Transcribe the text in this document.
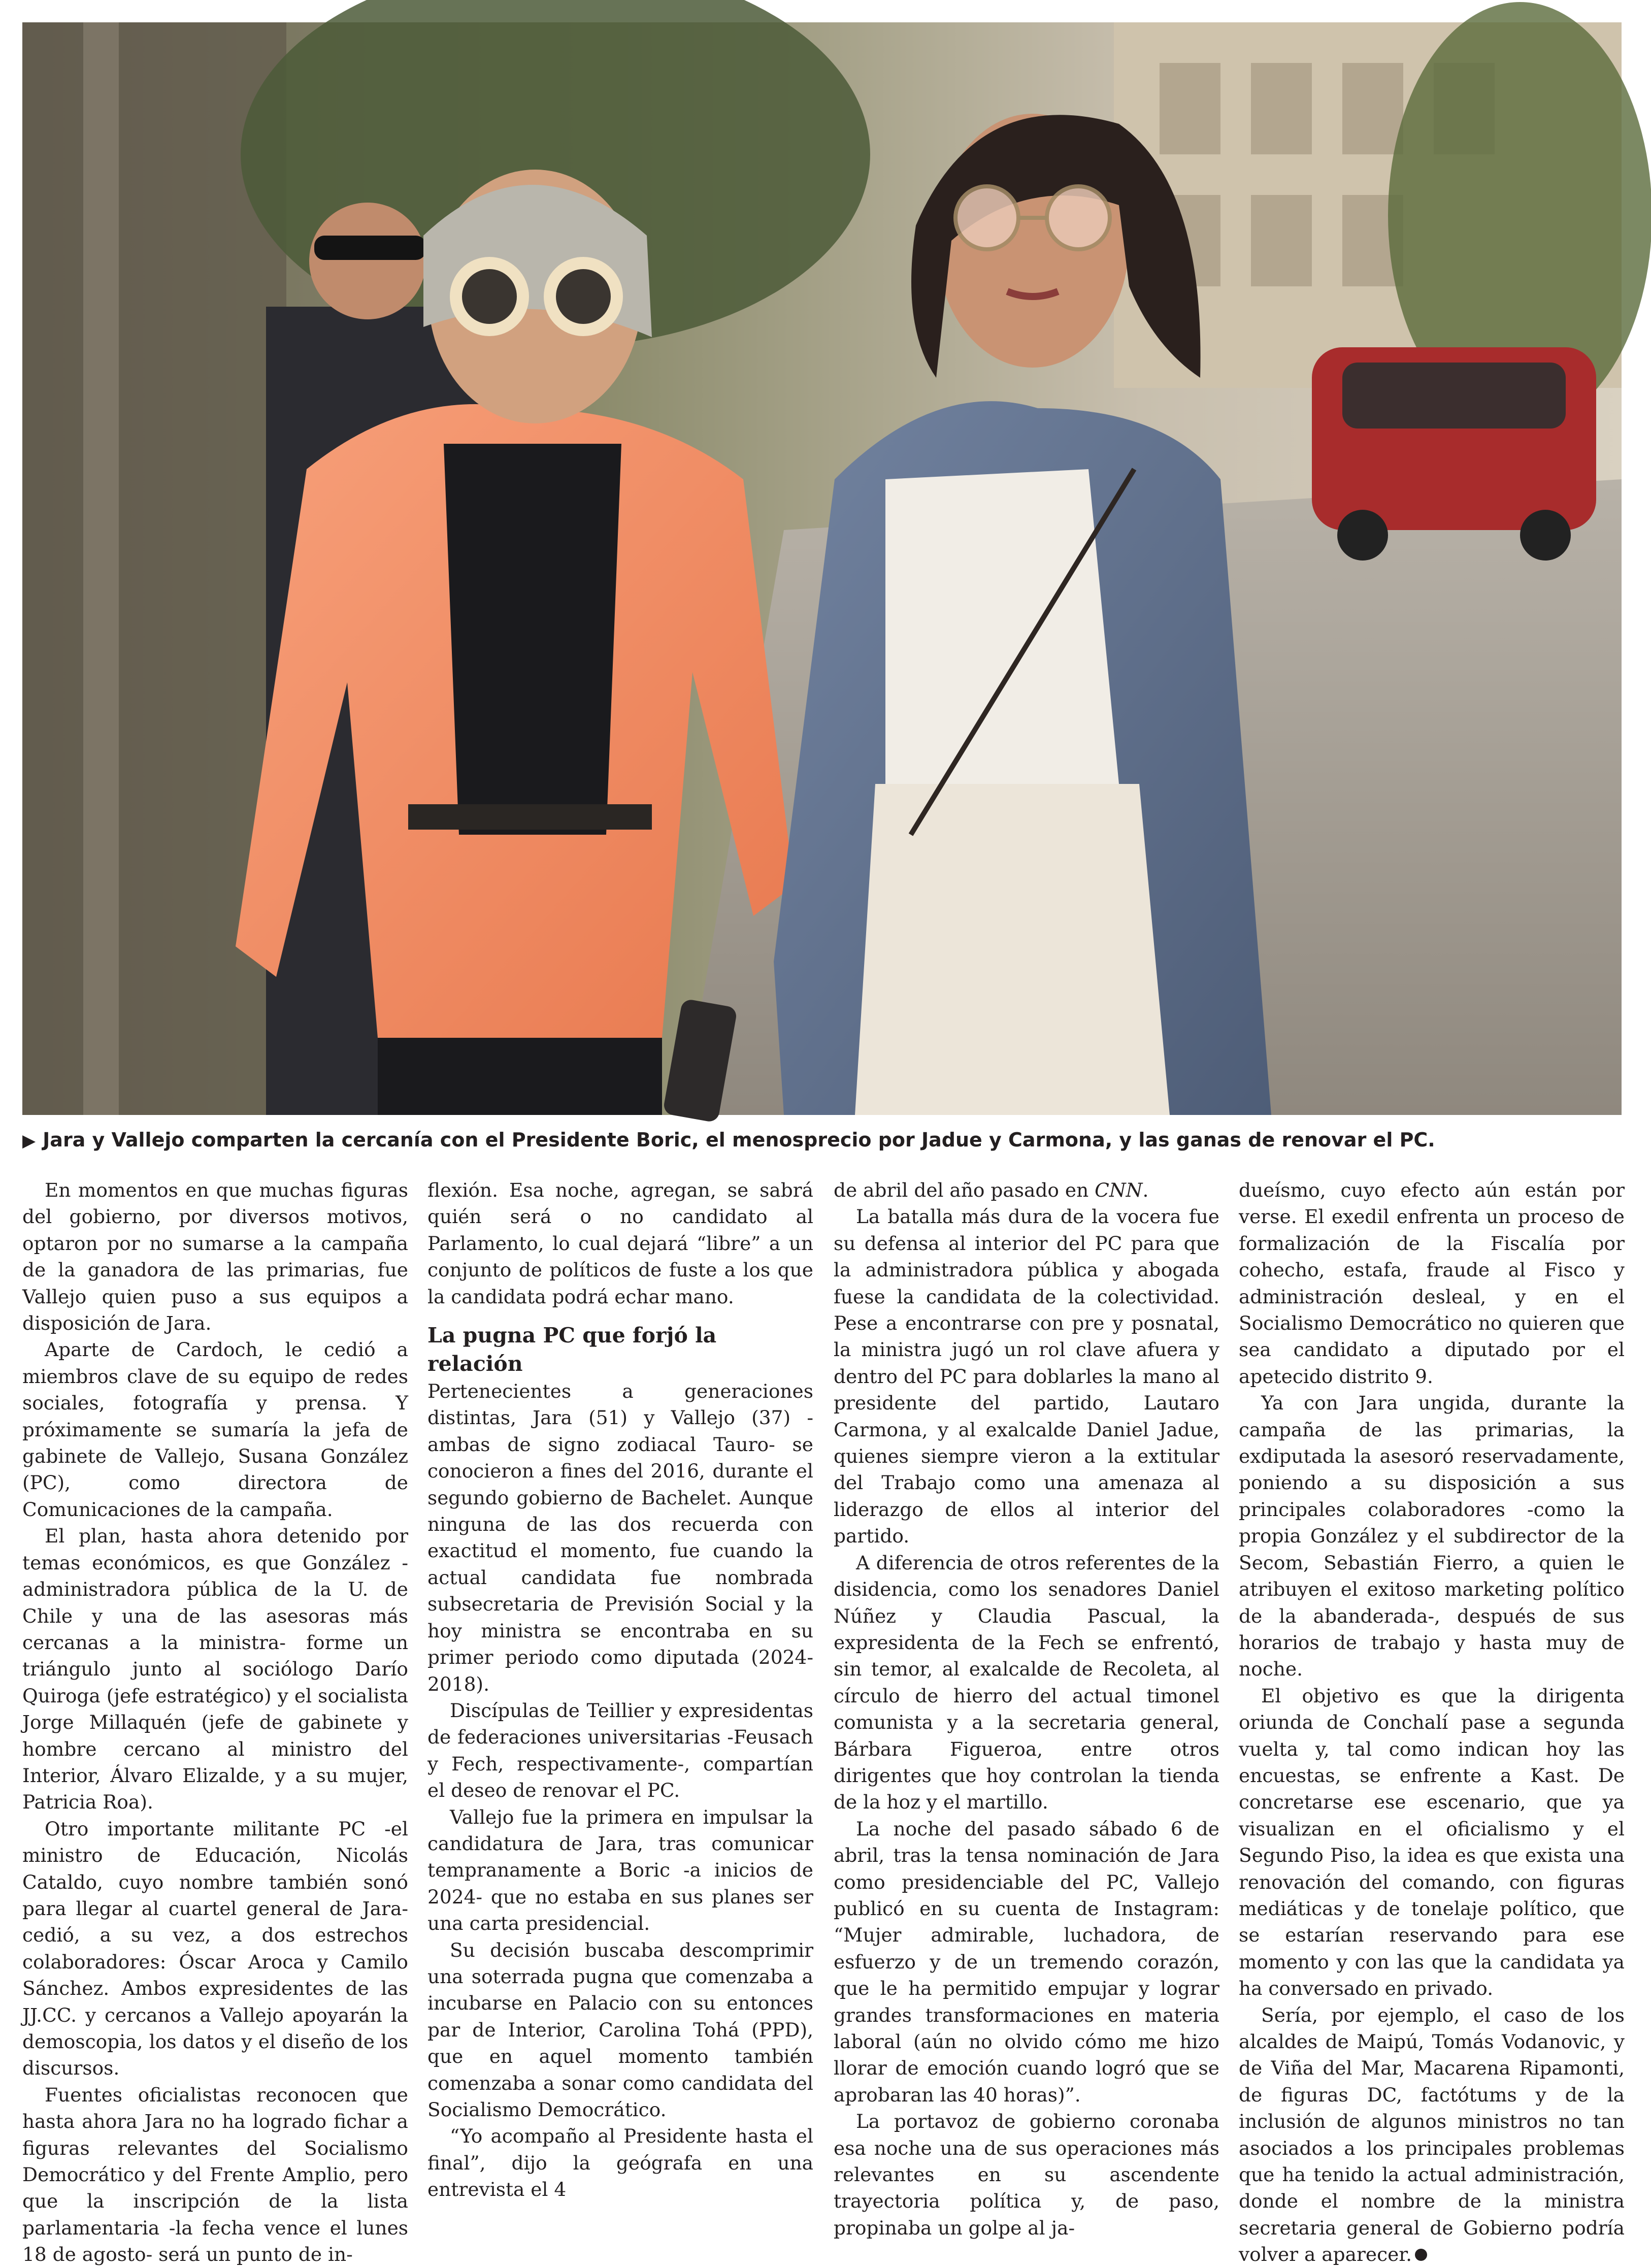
▶ Jara y Vallejo comparten la cercanía con el Presidente Boric, el menosprecio por Jadue y Carmona, y las ganas de renovar el PC.

En momentos en que muchas figuras del gobierno, por diversos motivos, optaron por no sumarse a la campaña de la ganadora de las primarias, fue Vallejo quien puso a sus equipos a disposición de Jara.

Aparte de Cardoch, le cedió a miembros clave de su equipo de redes sociales, fotografía y prensa. Y próximamente se sumaría la jefa de gabinete de Vallejo, Susana González (PC), como directora de Comunicaciones de la campaña.

El plan, hasta ahora detenido por temas económicos, es que González -administradora pública de la U. de Chile y una de las asesoras más cercanas a la ministra- forme un triángulo junto al sociólogo Darío Quiroga (jefe estratégico) y el socialista Jorge Millaquén (jefe de gabinete y hombre cercano al ministro del Interior, Álvaro Elizalde, y a su mujer, Patricia Roa).

Otro importante militante PC -el ministro de Educación, Nicolás Cataldo, cuyo nombre también sonó para llegar al cuartel general de Jara- cedió, a su vez, a dos estrechos colaboradores: Óscar Aroca y Camilo Sánchez. Ambos expresidentes de las JJ.CC. y cercanos a Vallejo apoyarán la demoscopia, los datos y el diseño de los discursos.

Fuentes oficialistas reconocen que hasta ahora Jara no ha logrado fichar a figuras relevantes del Socialismo Democrático y del Frente Amplio, pero que la inscripción de la lista parlamentaria -la fecha vence el lunes 18 de agosto- será un punto de in-

flexión. Esa noche, agregan, se sabrá quién será o no candidato al Parlamento, lo cual dejará “libre” a un conjunto de políticos de fuste a los que la candidata podrá echar mano.

La pugna PC que forjó la relación

Pertenecientes a generaciones distintas, Jara (51) y Vallejo (37) -ambas de signo zodiacal Tauro- se conocieron a fines del 2016, durante el segundo gobierno de Bachelet. Aunque ninguna de las dos recuerda con exactitud el momento, fue cuando la actual candidata fue nombrada subsecretaria de Previsión Social y la hoy ministra se encontraba en su primer periodo como diputada (2024-2018).

Discípulas de Teillier y expresidentas de federaciones universitarias -Feusach y Fech, respectivamente-, compartían el deseo de renovar el PC.

Vallejo fue la primera en impulsar la candidatura de Jara, tras comunicar tempranamente a Boric -a inicios de 2024- que no estaba en sus planes ser una carta presidencial.

Su decisión buscaba descomprimir una soterrada pugna que comenzaba a incubarse en Palacio con su entonces par de Interior, Carolina Tohá (PPD), que en aquel momento también comenzaba a sonar como candidata del Socialismo Democrático.

“Yo acompaño al Presidente hasta el final”, dijo la geógrafa en una entrevista el 4

de abril del año pasado en CNN.

La batalla más dura de la vocera fue su defensa al interior del PC para que la administradora pública y abogada fuese la candidata de la colectividad. Pese a encontrarse con pre y posnatal, la ministra jugó un rol clave afuera y dentro del PC para doblarles la mano al presidente del partido, Lautaro Carmona, y al exalcalde Daniel Jadue, quienes siempre vieron a la extitular del Trabajo como una amenaza al liderazgo de ellos al interior del partido.

A diferencia de otros referentes de la disidencia, como los senadores Daniel Núñez y Claudia Pascual, la expresidenta de la Fech se enfrentó, sin temor, al exalcalde de Recoleta, al círculo de hierro del actual timonel comunista y a la secretaria general, Bárbara Figueroa, entre otros dirigentes que hoy controlan la tienda de la hoz y el martillo.

La noche del pasado sábado 6 de abril, tras la tensa nominación de Jara como presidenciable del PC, Vallejo publicó en su cuenta de Instagram: “Mujer admirable, luchadora, de esfuerzo y de un tremendo corazón, que le ha permitido empujar y lograr grandes transformaciones en materia laboral (aún no olvido cómo me hizo llorar de emoción cuando logró que se aprobaran las 40 horas)”.

La portavoz de gobierno coronaba esa noche una de sus operaciones más relevantes en su ascendente trayectoria política y, de paso, propinaba un golpe al ja-

dueísmo, cuyo efecto aún están por verse. El exedil enfrenta un proceso de formalización de la Fiscalía por cohecho, estafa, fraude al Fisco y administración desleal, y en el Socialismo Democrático no quieren que sea candidato a diputado por el apetecido distrito 9.

Ya con Jara ungida, durante la campaña de las primarias, la exdiputada la asesoró reservadamente, poniendo a su disposición a sus principales colaboradores -como la propia González y el subdirector de la Secom, Sebastián Fierro, a quien le atribuyen el exitoso marketing político de la abanderada-, después de sus horarios de trabajo y hasta muy de noche.

El objetivo es que la dirigenta oriunda de Conchalí pase a segunda vuelta y, tal como indican hoy las encuestas, se enfrente a Kast. De concretarse ese escenario, que ya visualizan en el oficialismo y el Segundo Piso, la idea es que exista una renovación del comando, con figuras mediáticas y de tonelaje político, que se estarían reservando para ese momento y con las que la candidata ya ha conversado en privado.

Sería, por ejemplo, el caso de los alcaldes de Maipú, Tomás Vodanovic, y de Viña del Mar, Macarena Ripamonti, de figuras DC, factótums y de la inclusión de algunos ministros no tan asociados a los principales problemas que ha tenido la actual administración, donde el nombre de la ministra secretaria general de Gobierno podría volver a aparecer.
